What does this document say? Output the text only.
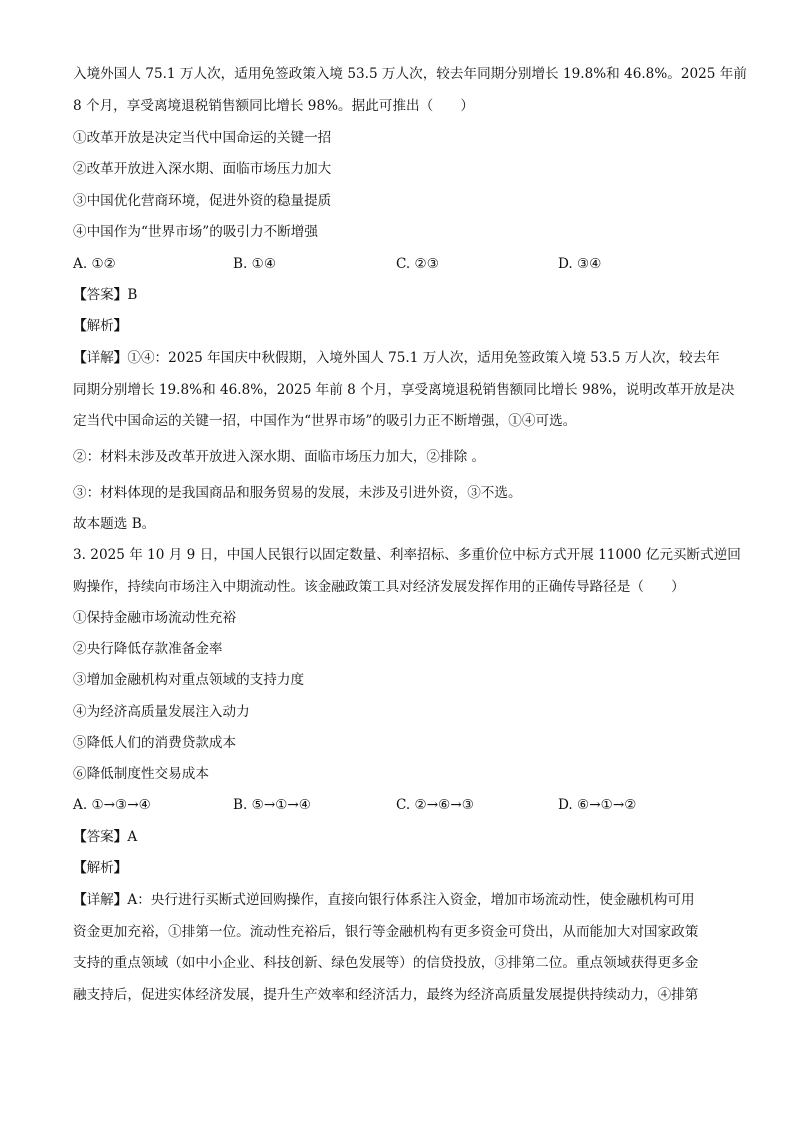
入境外国人 75.1 万人次，适用免签政策入境 53.5 万人次，较去年同期分别增长 19.8%和 46.8%。2025 年前
8 个月，享受离境退税销售额同比增长 98%。据此可推出（　　）
①改革开放是决定当代中国命运的关键一招
②改革开放进入深水期、面临市场压力加大
③中国优化营商环境，促进外资的稳量提质
④中国作为“世界市场”的吸引力不断增强
A. ①②	B. ①④	C. ②③	D. ③④
【答案】B
【解析】
【详解】①④：2025 年国庆中秋假期，入境外国人 75.1 万人次，适用免签政策入境 53.5 万人次，较去年
同期分别增长 19.8%和 46.8%，2025 年前 8 个月，享受离境退税销售额同比增长 98%，说明改革开放是决
定当代中国命运的关键一招，中国作为“世界市场”的吸引力正不断增强，①④可选。
②：材料未涉及改革开放进入深水期、面临市场压力加大，②排除 。
③：材料体现的是我国商品和服务贸易的发展，未涉及引进外资，③不选。
故本题选 B。
3. 2025 年 10 月 9 日，中国人民银行以固定数量、利率招标、多重价位中标方式开展 11000 亿元买断式逆回
购操作，持续向市场注入中期流动性。该金融政策工具对经济发展发挥作用的正确传导路径是（　　）
①保持金融市场流动性充裕
②央行降低存款准备金率
③增加金融机构对重点领域的支持力度
④为经济高质量发展注入动力
⑤降低人们的消费贷款成本
⑥降低制度性交易成本
A. ①→③→④	B. ⑤→①→④	C. ②→⑥→③	D. ⑥→①→②
【答案】A
【解析】
【详解】A：央行进行买断式逆回购操作，直接向银行体系注入资金，增加市场流动性，使金融机构可用
资金更加充裕，①排第一位。流动性充裕后，银行等金融机构有更多资金可贷出，从而能加大对国家政策
支持的重点领域（如中小企业、科技创新、绿色发展等）的信贷投放，③排第二位。重点领域获得更多金
融支持后，促进实体经济发展，提升生产效率和经济活力，最终为经济高质量发展提供持续动力，④排第
